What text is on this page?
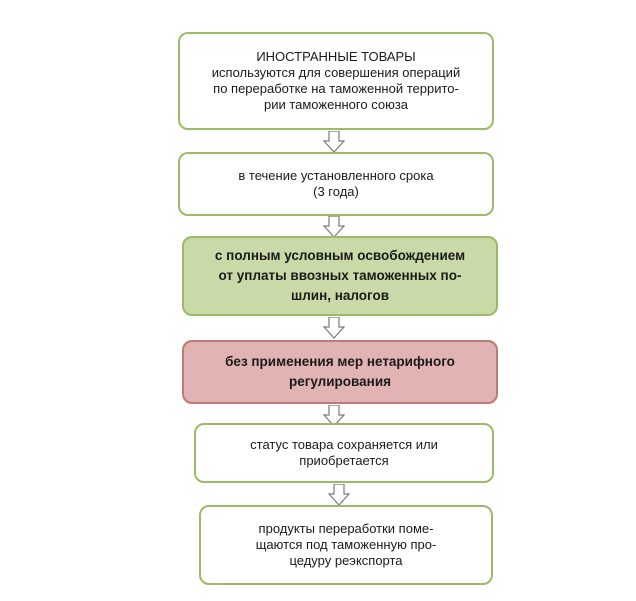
ИНОСТРАННЫЕ ТОВАРЫ
используются для совершения операций
по переработке на таможенной террито-
рии таможенного союза
в течение установленного срока
(3 года)
с полным условным освобождением
от уплаты ввозных таможенных по-
шлин, налогов
без применения мер нетарифного
регулирования
статус товара сохраняется или
приобретается
продукты переработки поме-
щаются под таможенную про-
цедуру реэкспорта
